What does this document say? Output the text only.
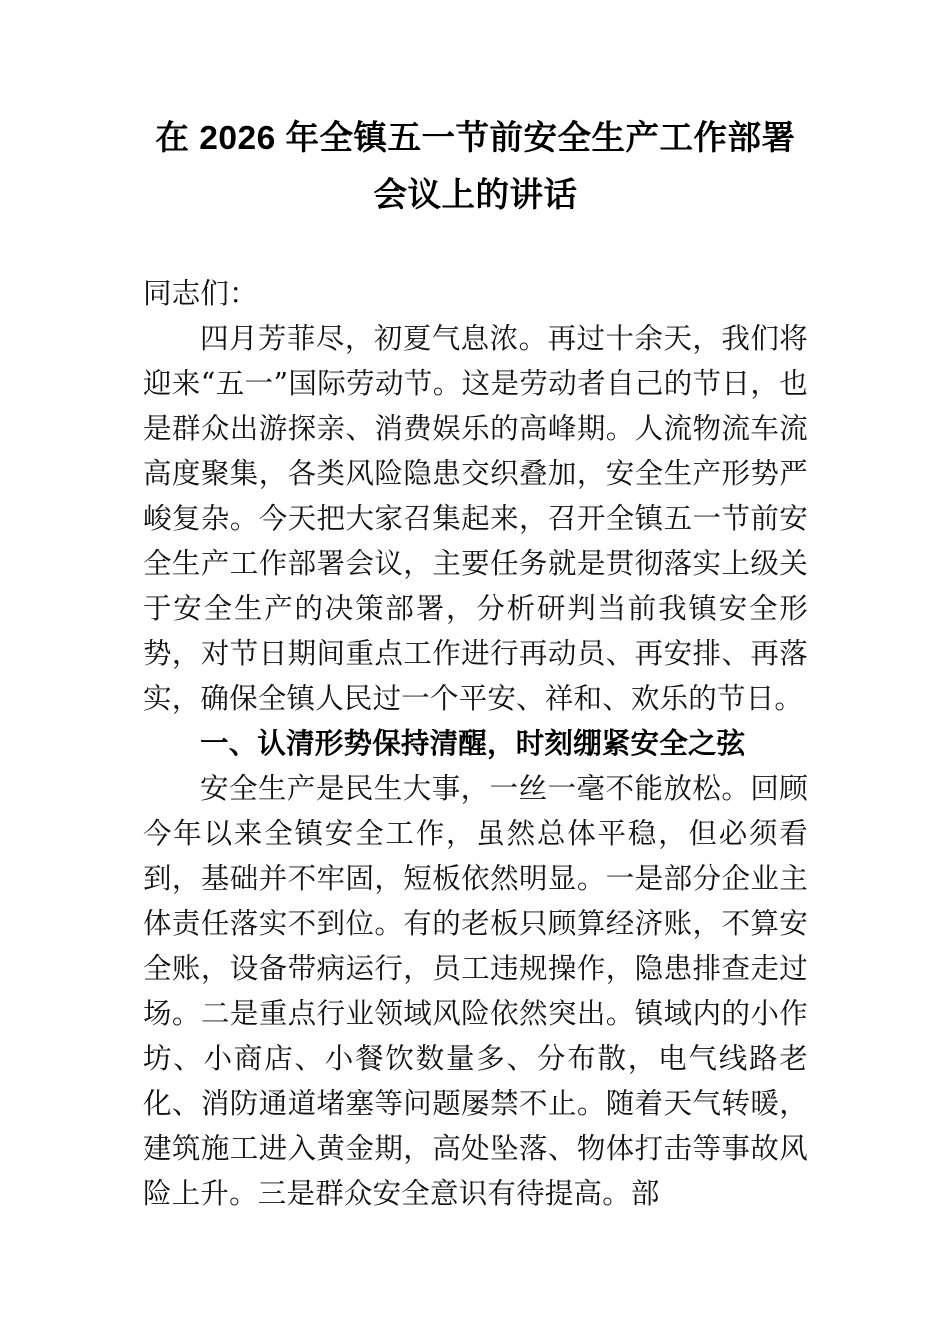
在 2026 年全镇五一节前安全生产工作部署
会议上的讲话

同志们：

四月芳菲尽，初夏气息浓。再过十余天，我们将迎来“五一”国际劳动节。这是劳动者自己的节日，也是群众出游探亲、消费娱乐的高峰期。人流物流车流高度聚集，各类风险隐患交织叠加，安全生产形势严峻复杂。今天把大家召集起来，召开全镇五一节前安全生产工作部署会议，主要任务就是贯彻落实上级关于安全生产的决策部署，分析研判当前我镇安全形势，对节日期间重点工作进行再动员、再安排、再落实，确保全镇人民过一个平安、祥和、欢乐的节日。

一、认清形势保持清醒，时刻绷紧安全之弦

安全生产是民生大事，一丝一毫不能放松。回顾今年以来全镇安全工作，虽然总体平稳，但必须看到，基础并不牢固，短板依然明显。一是部分企业主体责任落实不到位。有的老板只顾算经济账，不算安全账，设备带病运行，员工违规操作，隐患排查走过场。二是重点行业领域风险依然突出。镇域内的小作坊、小商店、小餐饮数量多、分布散，电气线路老化、消防通道堵塞等问题屡禁不止。随着天气转暖，建筑施工进入黄金期，高处坠落、物体打击等事故风险上升。三是群众安全意识有待提高。部
